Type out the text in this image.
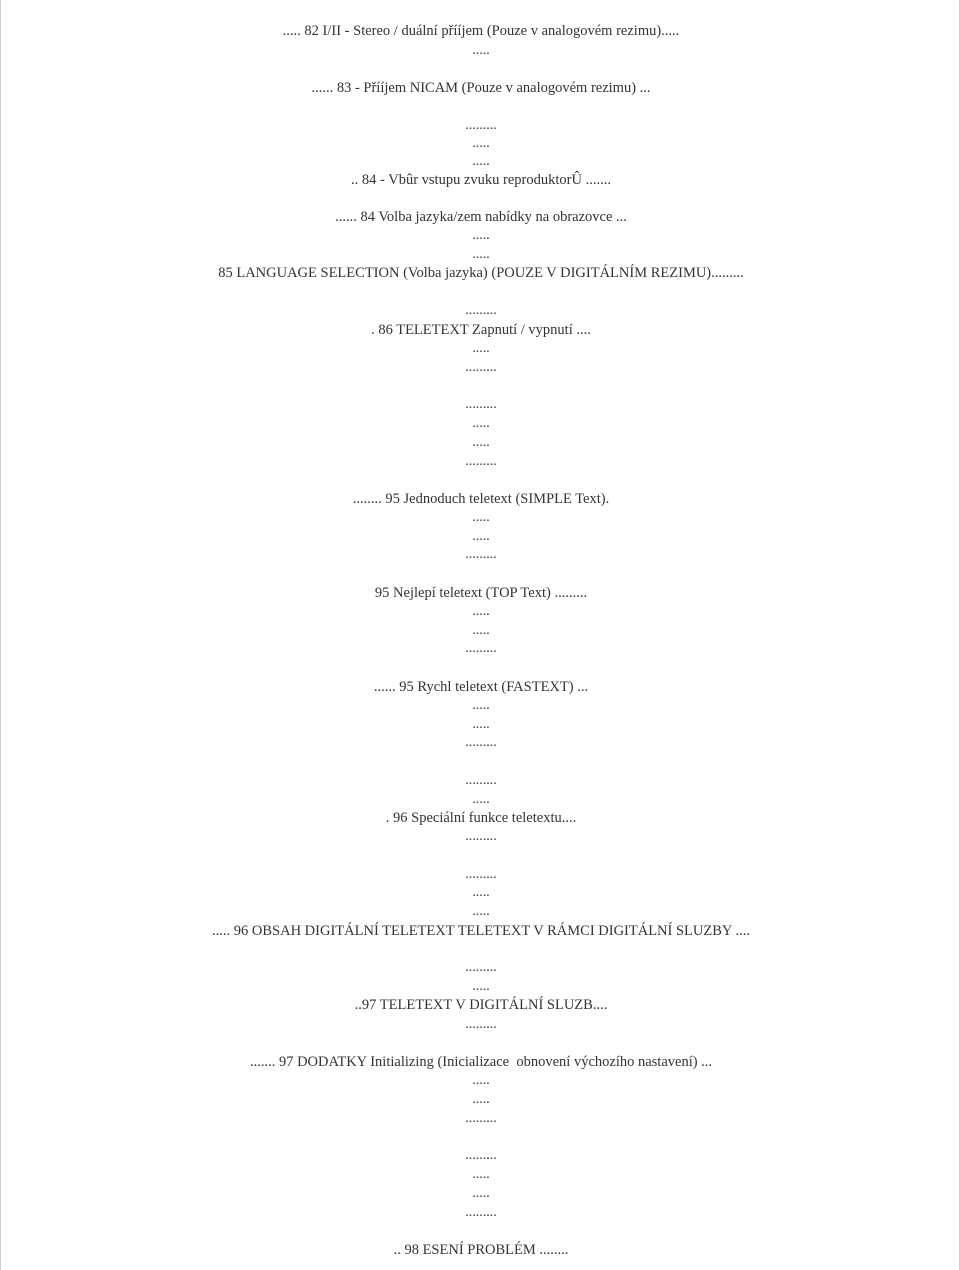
..... 82 I/II - Stereo / duální přííjem (Pouze v analogovém rezimu).....
.....
...... 83 - Přííjem NICAM (Pouze v analogovém rezimu) ...
.........
.....
.....
.. 84 - Vbûr vstupu zvuku reproduktorÛ .......
...... 84 Volba jazyka/zem nabídky na obrazovce ...
.....
.....
85 LANGUAGE SELECTION (Volba jazyka) (POUZE V DIGITÁLNÍM REZIMU).........
.........
. 86 TELETEXT Zapnutí / vypnutí ....
.....
.........
.........
.....
.....
.........
........ 95 Jednoduch teletext (SIMPLE Text).
.....
.....
.........
95 Nejlepí teletext (TOP Text) .........
.....
.....
.........
...... 95 Rychl teletext (FASTEXT) ...
.....
.....
.........
.........
.....
. 96 Speciální funkce teletextu....
.........
.........
.....
.....
..... 96 OBSAH DIGITÁLNÍ TELETEXT TELETEXT V RÁMCI DIGITÁLNÍ SLUZBY ....
.........
.....
..97 TELETEXT V DIGITÁLNÍ SLUZB....
.........
....... 97 DODATKY Initializing (Inicializace  obnovení výchozího nastavení) ...
.....
.....
.........
.........
.....
.....
.........
.. 98 ESENÍ PROBLÉM ........
